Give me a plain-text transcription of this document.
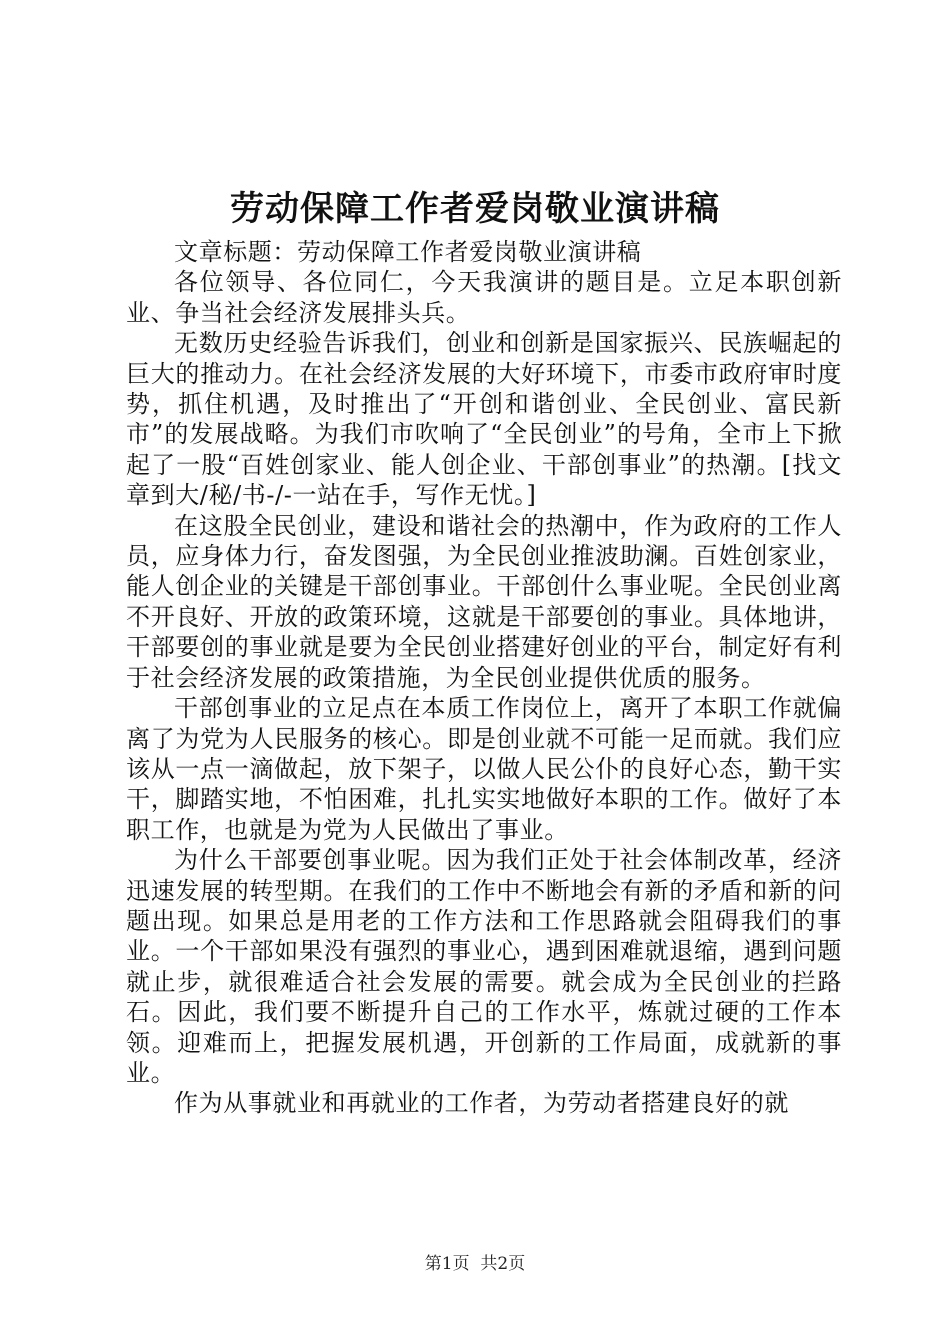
劳动保障工作者爱岗敬业演讲稿

文章标题：劳动保障工作者爱岗敬业演讲稿

各位领导、各位同仁，今天我演讲的题目是。立足本职创新业、争当社会经济发展排头兵。

无数历史经验告诉我们，创业和创新是国家振兴、民族崛起的巨大的推动力。在社会经济发展的大好环境下，市委市政府审时度势，抓住机遇，及时推出了“开创和谐创业、全民创业、富民新市”的发展战略。为我们市吹响了“全民创业”的号角，全市上下掀起了一股“百姓创家业、能人创企业、干部创事业”的热潮。[找文章到大/秘/书-/-一站在手，写作无忧。]

在这股全民创业，建设和谐社会的热潮中，作为政府的工作人员，应身体力行，奋发图强，为全民创业推波助澜。百姓创家业，能人创企业的关键是干部创事业。干部创什么事业呢。全民创业离不开良好、开放的政策环境，这就是干部要创的事业。具体地讲，干部要创的事业就是要为全民创业搭建好创业的平台，制定好有利于社会经济发展的政策措施，为全民创业提供优质的服务。

干部创事业的立足点在本质工作岗位上，离开了本职工作就偏离了为党为人民服务的核心。即是创业就不可能一足而就。我们应该从一点一滴做起，放下架子，以做人民公仆的良好心态，勤干实干，脚踏实地，不怕困难，扎扎实实地做好本职的工作。做好了本职工作，也就是为党为人民做出了事业。

为什么干部要创事业呢。因为我们正处于社会体制改革，经济迅速发展的转型期。在我们的工作中不断地会有新的矛盾和新的问题出现。如果总是用老的工作方法和工作思路就会阻碍我们的事业。一个干部如果没有强烈的事业心，遇到困难就退缩，遇到问题就止步，就很难适合社会发展的需要。就会成为全民创业的拦路石。因此，我们要不断提升自己的工作水平，炼就过硬的工作本领。迎难而上，把握发展机遇，开创新的工作局面，成就新的事业。

作为从事就业和再就业的工作者，为劳动者搭建良好的就

第1页 共2页
